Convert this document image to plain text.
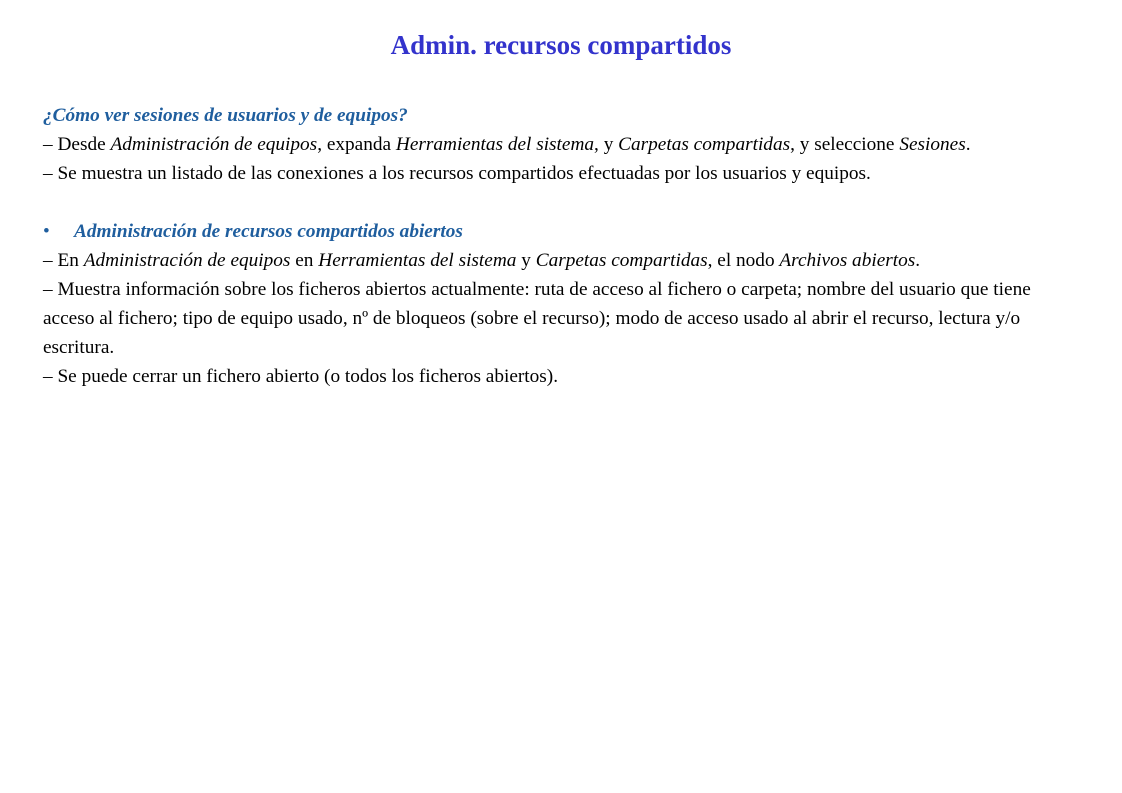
Admin. recursos compartidos
¿Cómo ver sesiones de usuarios y de equipos?

– Desde Administración de equipos, expanda Herramientas del sistema, y Carpetas compartidas, y seleccione Sesiones.

– Se muestra un listado de las conexiones a los recursos compartidos efectuadas por los usuarios y equipos.

•	Administración de recursos compartidos abiertos

– En Administración de equipos en Herramientas del sistema y Carpetas compartidas, el nodo Archivos abiertos.

– Muestra información sobre los ficheros abiertos actualmente: ruta de acceso al fichero o carpeta; nombre del usuario que tiene acceso al fichero; tipo de equipo usado, nº de bloqueos (sobre el recurso); modo de acceso usado al abrir el recurso, lectura y/o escritura.

– Se puede cerrar un fichero abierto (o todos los ficheros abiertos).
